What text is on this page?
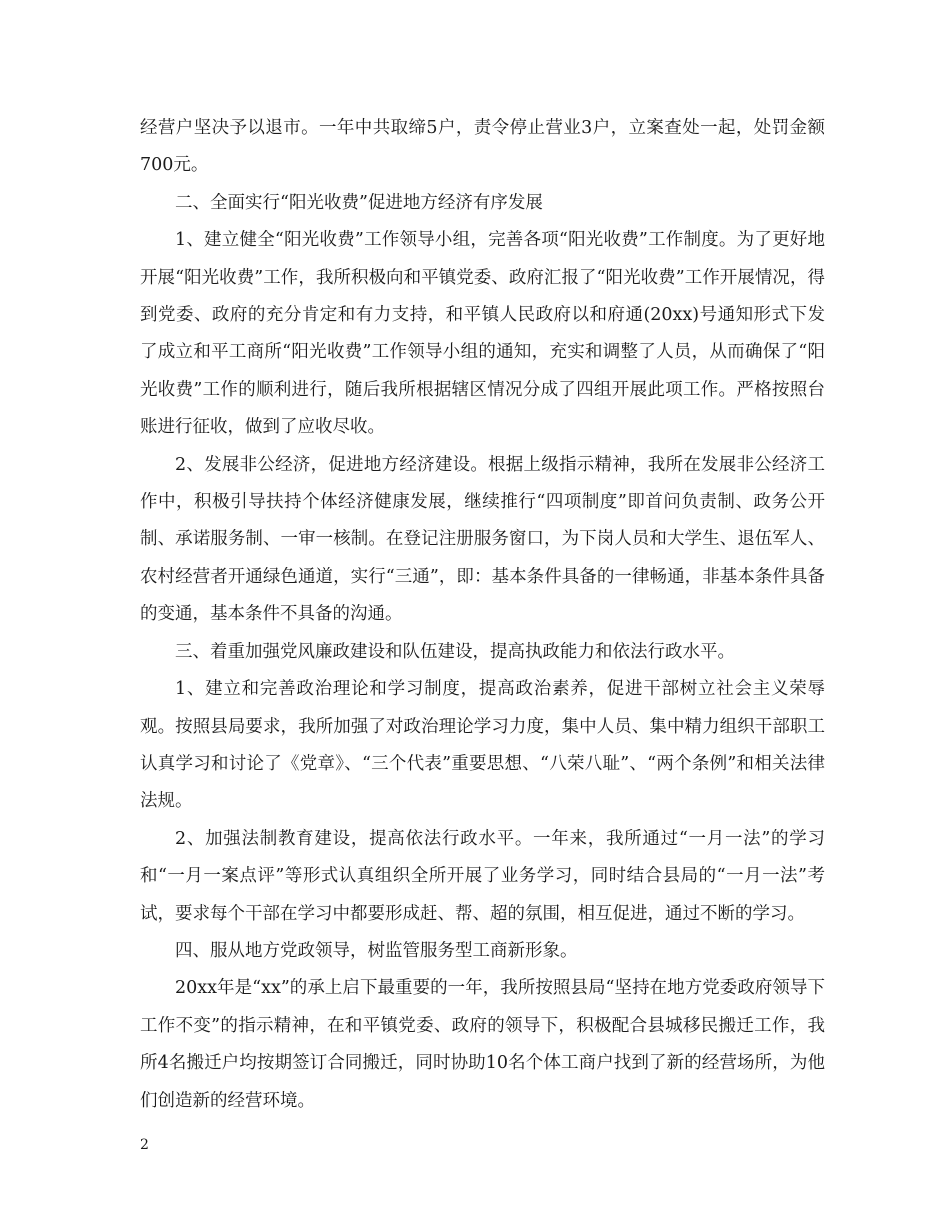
经营户坚决予以退市。一年中共取缔5户，责令停止营业3户，立案查处一起，处罚金额700元。

二、全面实行“阳光收费”促进地方经济有序发展

1、建立健全“阳光收费”工作领导小组，完善各项“阳光收费”工作制度。为了更好地开展“阳光收费”工作，我所积极向和平镇党委、政府汇报了“阳光收费”工作开展情况，得到党委、政府的充分肯定和有力支持，和平镇人民政府以和府通(20xx)号通知形式下发了成立和平工商所“阳光收费”工作领导小组的通知，充实和调整了人员，从而确保了“阳光收费”工作的顺利进行，随后我所根据辖区情况分成了四组开展此项工作。严格按照台账进行征收，做到了应收尽收。

2、发展非公经济，促进地方经济建设。根据上级指示精神，我所在发展非公经济工作中，积极引导扶持个体经济健康发展，继续推行“四项制度”即首问负责制、政务公开制、承诺服务制、一审一核制。在登记注册服务窗口，为下岗人员和大学生、退伍军人、农村经营者开通绿色通道，实行“三通”，即：基本条件具备的一律畅通，非基本条件具备的变通，基本条件不具备的沟通。

三、着重加强党风廉政建设和队伍建设，提高执政能力和依法行政水平。

1、建立和完善政治理论和学习制度，提高政治素养，促进干部树立社会主义荣辱观。按照县局要求，我所加强了对政治理论学习力度，集中人员、集中精力组织干部职工认真学习和讨论了《党章》、“三个代表”重要思想、“八荣八耻”、“两个条例”和相关法律法规。

2、加强法制教育建设，提高依法行政水平。一年来，我所通过“一月一法”的学习和“一月一案点评”等形式认真组织全所开展了业务学习，同时结合县局的“一月一法”考试，要求每个干部在学习中都要形成赶、帮、超的氛围，相互促进，通过不断的学习。

四、服从地方党政领导，树监管服务型工商新形象。

20xx年是“xx”的承上启下最重要的一年，我所按照县局“坚持在地方党委政府领导下工作不变”的指示精神，在和平镇党委、政府的领导下，积极配合县城移民搬迁工作，我所4名搬迁户均按期签订合同搬迁，同时协助10名个体工商户找到了新的经营场所，为他们创造新的经营环境。

2
